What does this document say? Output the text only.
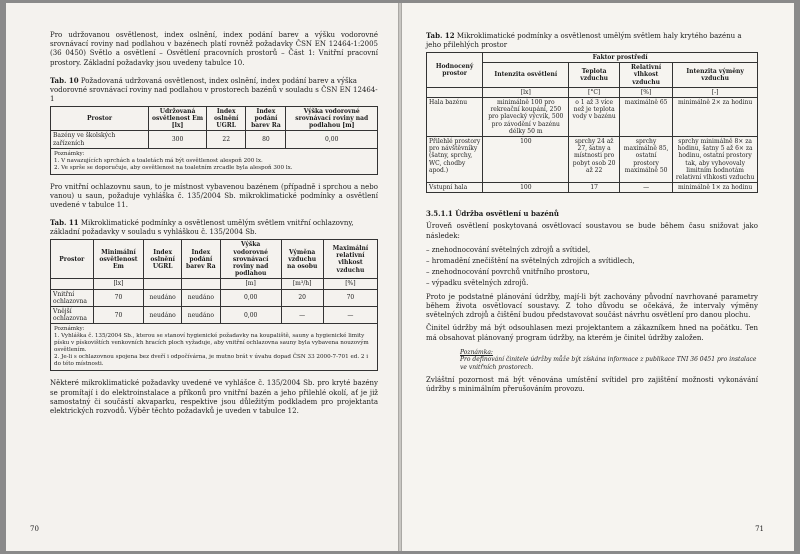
Pro udržovanou osvětlenost, index oslnění, index podání barev a výšku vodorovné srovnávací roviny nad podlahou v bazénech platí rovněž požadavky ČSN EN 12464-1:2005 (36 0450) Světlo a osvětlení – Osvětlení pracovních prostorů – Část 1: Vnitřní pracovní prostory. Základní požadavky jsou uvedeny tabulce 10.

Tab. 10 Požadovaná udržovaná osvětlenost, index oslnění, index podání barev a výška vodorovné srovnávací roviny nad podlahou v prostorech bazénů v souladu s ČSN EN 12464-1
Prostor	Udržovaná osvětlenost Em [lx]	Index oslnění UGRL	Index podání barev Ra	Výška vodorovné srovnávací roviny nad podlahou [m]
Bazény ve školských zařízeních	300	22	80	0,00
Poznámky:
1. V navazujících sprchách a toaletách má být osvětlenost alespoň 200 lx.
2. Ve sprše se doporučuje, aby osvětlenost na toaletním zrcadle byla alespoň 300 lx.

Pro vnitřní ochlazovnu saun, to je místnost vybavenou bazénem (případně i sprchou a nebo vanou) u saun, požaduje vyhláška č. 135/2004 Sb. mikroklimatické podmínky a osvětlení uvedené v tabulce 11.

Tab. 11 Mikroklimatické podmínky a osvětlenost umělým světlem vnitřní ochlazovny, základní požadavky v souladu s vyhláškou č. 135/2004 Sb.
Prostor	Minimální osvětlenost Em	Index oslnění UGRL	Index podání barev Ra	Výška vodorovné srovnávací roviny nad podlahou	Výměna vzduchu na osobu	Maximální relativní vlhkost vzduchu
	[lx]			[m]	[m³/h]	[%]
Vnitřní ochlazovna	70	neudáno	neudáno	0,00	20	70
Vnější ochlazovna	70	neudáno	neudáno	0,00	—	—
Poznámky:
1. Vyhláška č. 135/2004 Sb., kterou se stanoví hygienické požadavky na koupaliště, sauny a hygienické limity písku v pískovištích venkovních hracích ploch vyžaduje, aby vnitřní ochlazovna sauny byla vybavena nouzovým osvětlením.
2. Je-li s ochlazovnou spojena bez dveří i odpočívárna, je mutno brát v úvahu dopad ČSN 33 2000-7-701 ed. 2 i do této místnosti.

Některé mikroklimatické požadavky uvedené ve vyhlášce č. 135/2004 Sb. pro kryté bazény se promítají i do elektroinstalace a příkonů pro vnitřní bazén a jeho přilehlé okolí, ať je již samostatný či součástí akvaparku, respektive jsou důležitým podkladem pro projektanta elektrických rozvodů. Výběr těchto požadavků je uveden v tabulce 12.

70
Tab. 12 Mikroklimatické podmínky a osvětlenost umělým světlem haly krytého bazénu a jeho přilehlých prostor
Hodnocený prostor	Faktor prostředí			
	Intenzita osvětlení	Teplota vzduchu	Relativní vlhkost vzduchu	Intenzita výměny vzduchu
	[lx]	[°C]	[%]	[-]
Hala bazénu	minimálně 100 pro rekreační koupání, 250 pro plavecký výcvik, 500 pro závodění v bazénu délky 50 m	o 1 až 3 více než je teplota vody v bazénu	maximálně 65	minimálně 2× za hodinu
Přilehlé prostory pro návštěvníky (šatny, sprchy, WC, chodby apod.)	100	sprchy 24 až 27, šatny a místnosti pro pobyt osob 20 až 22	sprchy maximálně 85, ostatní prostory maximálně 50	sprchy minimálně 8× za hodinu, šatny 5 až 6× za hodinu, ostatní prostory tak, aby vyhovovaly limitním hodnotám relativní vlhkosti vzduchu
Vstupní hala	100	17	—	minimálně 1× za hodinu
3.5.1.1 Údržba osvětlení u bazénů

Úroveň osvětlení poskytovaná osvětlovací soustavou se bude během času snižovat jako následek:

– znehodnocování světelných zdrojů a svítidel,
– hromadění znečištění na světelných zdrojích a svítidlech,
– znehodnocování povrchů vnitřního prostoru,
– výpadku světelných zdrojů.

Proto je podstatné plánování údržby, mají-li být zachovány původní navrhované parametry během života osvětlovací soustavy. Z toho důvodu se očekává, že intervaly výměny světelných zdrojů a čištění budou představovat součást návrhu osvětlení pro danou plochu.

Činitel údržby má být odsouhlasen mezi projektantem a zákazníkem hned na počátku. Ten má obsahovat plánovaný program údržby, na kterém je činitel údržby založen.

Poznámka:
Pro definování činitele údržby může být získána informace z publikace TNI 36 0451 pro instalace ve vnitřních prostorech.

Zvláštní pozornost má být věnována umístění svítidel pro zajištění možnosti vykonávání údržby s minimálním přerušováním provozu.

71
